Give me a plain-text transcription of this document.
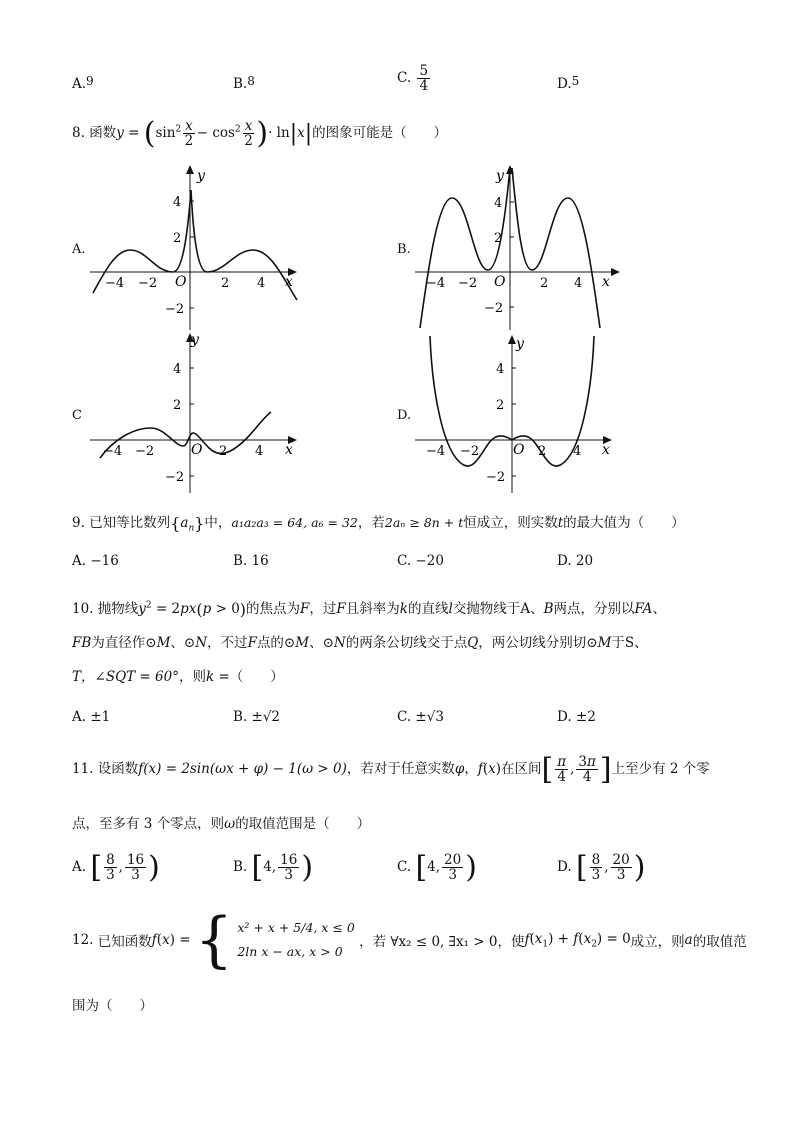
A.9	B.8	C. $\frac{5}{4}$	D.5
8. 函数$y = (\sin^2 \frac{x}{2} - \cos^2 \frac{x}{2}$ )· ln|x|的图象可能是（　　）
A.
y
x
O
−4 −2	2 4
4
2
−2
B.
y
x
O
−4 −2	2 4
4
2
−2
C
y
x
O
−4 −2	2 4
4
2
−2
D.
y
x
O
−4 −2	2 4
4
2
−2
9. 已知等比数列$\{a_n\}$中，a₁a₂a₃ = 64, a₆ = 32，若2aₙ ≥ 8n + t恒成立，则实数t的最大值为（　　）
A. −16	B. 16	C. −20	D. 20
10. 抛物线$y^2 = 2px(p > 0)$的焦点为F，过F且斜率为k的直线l交抛物线于A、B两点，分别以FA、
FB为直径作⊙M、⊙N，不过F点的⊙M、⊙N的两条公切线交于点Q，两公切线分别切⊙M于S、
T，∠SQT = 60°，则k =（　　）
A. ±1	B. ±√2	C. ±√3	D. ±2
11. 设函数f(x) = 2sin(ωx + φ) − 1(ω > 0)，若对于任意实数φ，f(x)在区间[ $\frac{\pi}{4}$ , $\frac{3\pi}{4}$ ]上至少有 2 个零
点，至多有 3 个零点，则ω的取值范围是（　　）
A. [ $\frac{8}{3}$ , $\frac{16}{3}$ )	B. [4, $\frac{16}{3}$ )	C. [4, $\frac{20}{3}$ )	D. [ $\frac{8}{3}$ , $\frac{20}{3}$ )
12. 已知函数f(x) = { x² + x + 5/4, x ≤ 0
2ln x − ax, x > 0
，若 ∀x₂ ≤ 0, ∃x₁ > 0，使$f(x_1) + f(x_2) = 0$成立，则a的取值范
围为（　　）
